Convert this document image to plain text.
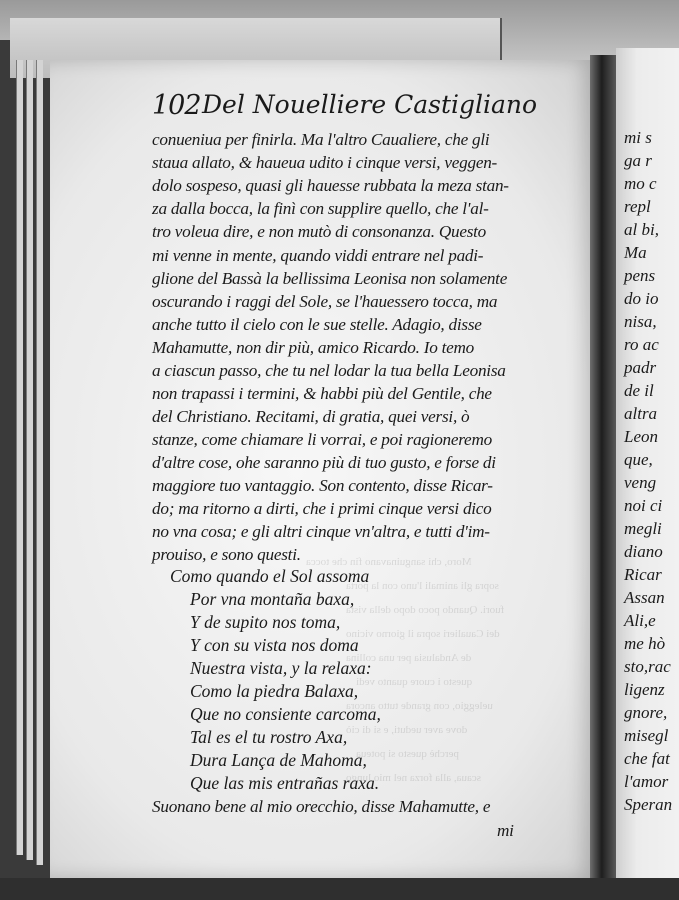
Moro, chi sanguinavano fin che tocca
sopra gli animali l'uno con la porta
fuori. Quando poco dopo della vista
dei Caualieri sopra il giorno vicino
de Andalusia per una collina
questo i cuore quanto vedi
ueleggio, con grande tutto ancora
dove aver ueduti, e si di ciò
perchè questo si poteua
scaua, alla forza nel mio lungo
102 Del Nouelliere Castigliano
conueniua per finirla. Ma l'altro Caualiere, che gli
staua allato, & haueua udito i cinque versi, veggen-
dolo sospeso, quasi gli hauesse rubbata la meza stan-
za dalla bocca, la finì con supplire quello, che l'al-
tro voleua dire, e non mutò di consonanza. Questo
mi venne in mente, quando viddi entrare nel padi-
glione del Bassà la bellissima Leonisa non solamente
oscurando i raggi del Sole, se l'hauessero tocca, ma
anche tutto il cielo con le sue stelle. Adagio, disse
Mahamutte, non dir più, amico Ricardo. Io temo
a ciascun passo, che tu nel lodar la tua bella Leonisa
non trapassi i termini, & habbi più del Gentile, che
del Christiano. Recitami, di gratia, quei versi, ò
stanze, come chiamare li vorrai, e poi ragioneremo
d'altre cose, ohe saranno più di tuo gusto, e forse di
maggiore tuo vantaggio. Son contento, disse Ricar-
do; ma ritorno a dirti, che i primi cinque versi dico
no vna cosa; e gli altri cinque vn'altra, e tutti d'im-
prouiso, e sono questi.
Como quando el Sol assoma
Por vna montaña baxa,
Y de supito nos toma,
Y con su vista nos doma
Nuestra vista, y la relaxa:
Como la piedra Balaxa,
Que no consiente carcoma,
Tal es el tu rostro Axa,
Dura Lança de Mahoma,
Que las mis entrañas raxa.
Suonano bene al mio orecchio, disse Mahamutte, e
mi
mi s
ga r
mo c
repl
al bi,
Ma
pens
do io
nisa,
ro ac
padr
de il
altra
Leon
que,
veng
noi ci
megli
diano
Ricar
Assan
Ali,e
me hò
sto,rac
ligenz
gnore,
misegl
che fat
l'amor
Speran
